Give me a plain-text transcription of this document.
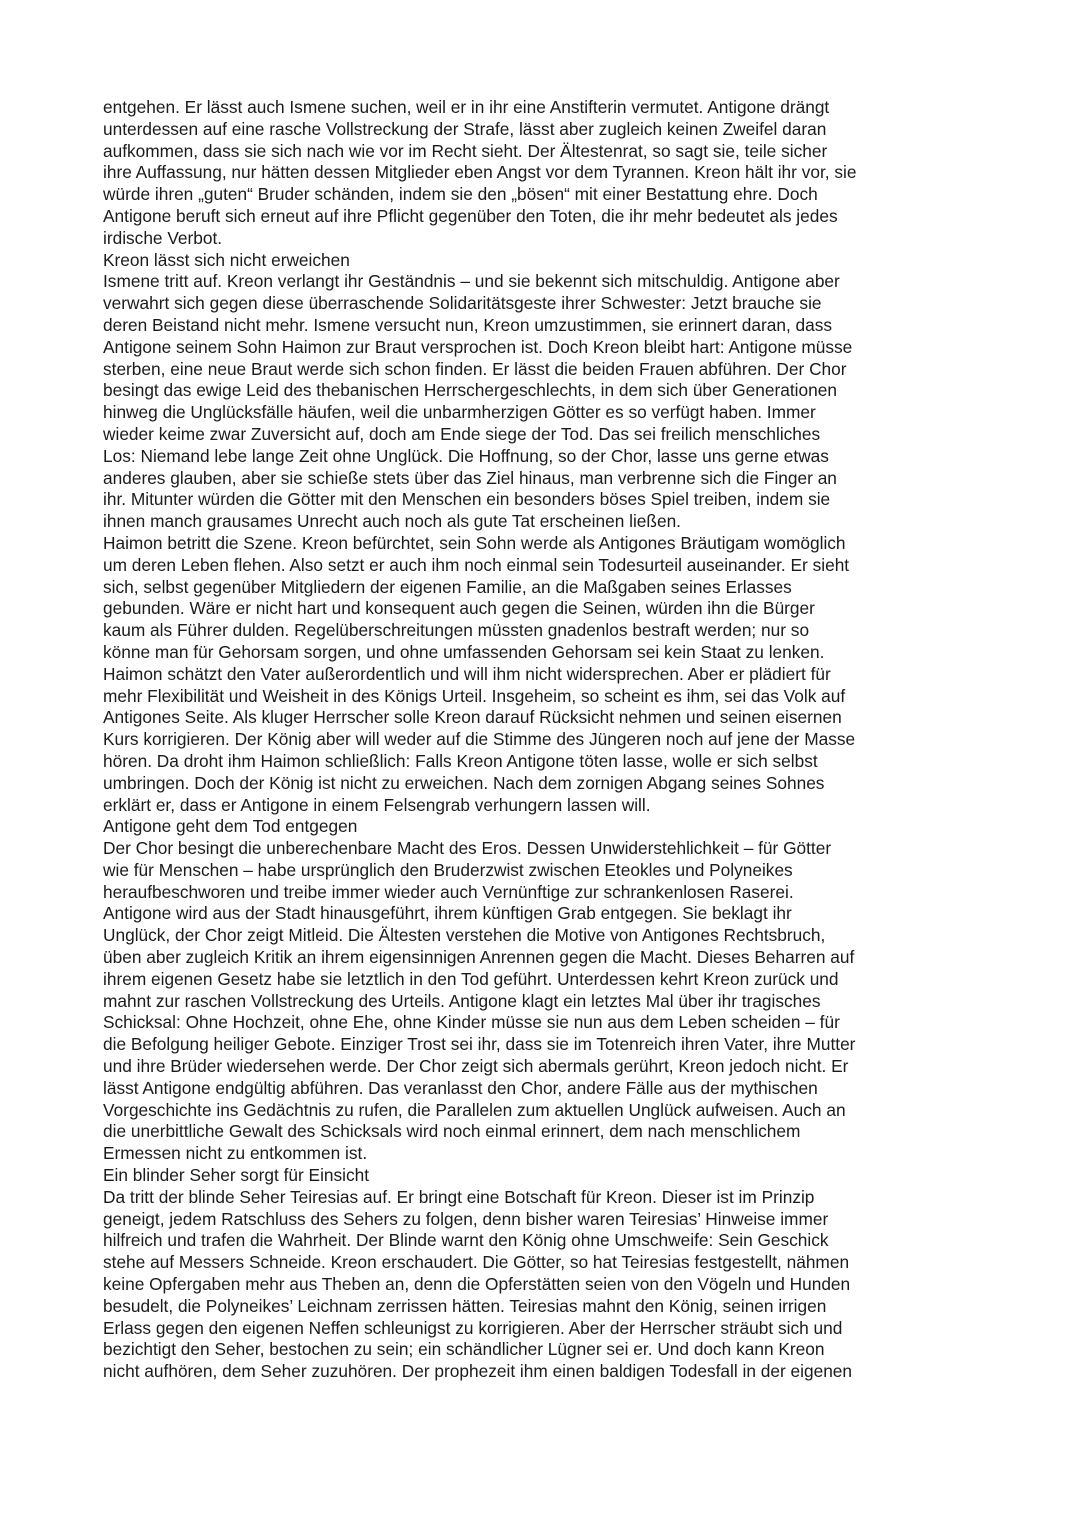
entgehen. Er lässt auch Ismene suchen, weil er in ihr eine Anstifterin vermutet. Antigone drängt
unterdessen auf eine rasche Vollstreckung der Strafe, lässt aber zugleich keinen Zweifel daran
aufkommen, dass sie sich nach wie vor im Recht sieht. Der Ältestenrat, so sagt sie, teile sicher
ihre Auffassung, nur hätten dessen Mitglieder eben Angst vor dem Tyrannen. Kreon hält ihr vor, sie
würde ihren „guten“ Bruder schänden, indem sie den „bösen“ mit einer Bestattung ehre. Doch
Antigone beruft sich erneut auf ihre Pflicht gegenüber den Toten, die ihr mehr bedeutet als jedes
irdische Verbot.
Kreon lässt sich nicht erweichen
Ismene tritt auf. Kreon verlangt ihr Geständnis – und sie bekennt sich mitschuldig. Antigone aber
verwahrt sich gegen diese überraschende Solidaritätsgeste ihrer Schwester: Jetzt brauche sie
deren Beistand nicht mehr. Ismene versucht nun, Kreon umzustimmen, sie erinnert daran, dass
Antigone seinem Sohn Haimon zur Braut versprochen ist. Doch Kreon bleibt hart: Antigone müsse
sterben, eine neue Braut werde sich schon finden. Er lässt die beiden Frauen abführen. Der Chor
besingt das ewige Leid des thebanischen Herrschergeschlechts, in dem sich über Generationen
hinweg die Unglücksfälle häufen, weil die unbarmherzigen Götter es so verfügt haben. Immer
wieder keime zwar Zuversicht auf, doch am Ende siege der Tod. Das sei freilich menschliches
Los: Niemand lebe lange Zeit ohne Unglück. Die Hoffnung, so der Chor, lasse uns gerne etwas
anderes glauben, aber sie schieße stets über das Ziel hinaus, man verbrenne sich die Finger an
ihr. Mitunter würden die Götter mit den Menschen ein besonders böses Spiel treiben, indem sie
ihnen manch grausames Unrecht auch noch als gute Tat erscheinen ließen.
Haimon betritt die Szene. Kreon befürchtet, sein Sohn werde als Antigones Bräutigam womöglich
um deren Leben flehen. Also setzt er auch ihm noch einmal sein Todesurteil auseinander. Er sieht
sich, selbst gegenüber Mitgliedern der eigenen Familie, an die Maßgaben seines Erlasses
gebunden. Wäre er nicht hart und konsequent auch gegen die Seinen, würden ihn die Bürger
kaum als Führer dulden. Regelüberschreitungen müssten gnadenlos bestraft werden; nur so
könne man für Gehorsam sorgen, und ohne umfassenden Gehorsam sei kein Staat zu lenken.
Haimon schätzt den Vater außerordentlich und will ihm nicht widersprechen. Aber er plädiert für
mehr Flexibilität und Weisheit in des Königs Urteil. Insgeheim, so scheint es ihm, sei das Volk auf
Antigones Seite. Als kluger Herrscher solle Kreon darauf Rücksicht nehmen und seinen eisernen
Kurs korrigieren. Der König aber will weder auf die Stimme des Jüngeren noch auf jene der Masse
hören. Da droht ihm Haimon schließlich: Falls Kreon Antigone töten lasse, wolle er sich selbst
umbringen. Doch der König ist nicht zu erweichen. Nach dem zornigen Abgang seines Sohnes
erklärt er, dass er Antigone in einem Felsengrab verhungern lassen will.
Antigone geht dem Tod entgegen
Der Chor besingt die unberechenbare Macht des Eros. Dessen Unwiderstehlichkeit – für Götter
wie für Menschen – habe ursprünglich den Bruderzwist zwischen Eteokles und Polyneikes
heraufbeschworen und treibe immer wieder auch Vernünftige zur schrankenlosen Raserei.
Antigone wird aus der Stadt hinausgeführt, ihrem künftigen Grab entgegen. Sie beklagt ihr
Unglück, der Chor zeigt Mitleid. Die Ältesten verstehen die Motive von Antigones Rechtsbruch,
üben aber zugleich Kritik an ihrem eigensinnigen Anrennen gegen die Macht. Dieses Beharren auf
ihrem eigenen Gesetz habe sie letztlich in den Tod geführt. Unterdessen kehrt Kreon zurück und
mahnt zur raschen Vollstreckung des Urteils. Antigone klagt ein letztes Mal über ihr tragisches
Schicksal: Ohne Hochzeit, ohne Ehe, ohne Kinder müsse sie nun aus dem Leben scheiden – für
die Befolgung heiliger Gebote. Einziger Trost sei ihr, dass sie im Totenreich ihren Vater, ihre Mutter
und ihre Brüder wiedersehen werde. Der Chor zeigt sich abermals gerührt, Kreon jedoch nicht. Er
lässt Antigone endgültig abführen. Das veranlasst den Chor, andere Fälle aus der mythischen
Vorgeschichte ins Gedächtnis zu rufen, die Parallelen zum aktuellen Unglück aufweisen. Auch an
die unerbittliche Gewalt des Schicksals wird noch einmal erinnert, dem nach menschlichem
Ermessen nicht zu entkommen ist.
Ein blinder Seher sorgt für Einsicht
Da tritt der blinde Seher Teiresias auf. Er bringt eine Botschaft für Kreon. Dieser ist im Prinzip
geneigt, jedem Ratschluss des Sehers zu folgen, denn bisher waren Teiresias’ Hinweise immer
hilfreich und trafen die Wahrheit. Der Blinde warnt den König ohne Umschweife: Sein Geschick
stehe auf Messers Schneide. Kreon erschaudert. Die Götter, so hat Teiresias festgestellt, nähmen
keine Opfergaben mehr aus Theben an, denn die Opferstätten seien von den Vögeln und Hunden
besudelt, die Polyneikes’ Leichnam zerrissen hätten. Teiresias mahnt den König, seinen irrigen
Erlass gegen den eigenen Neffen schleunigst zu korrigieren. Aber der Herrscher sträubt sich und
bezichtigt den Seher, bestochen zu sein; ein schändlicher Lügner sei er. Und doch kann Kreon
nicht aufhören, dem Seher zuzuhören. Der prophezeit ihm einen baldigen Todesfall in der eigenen
